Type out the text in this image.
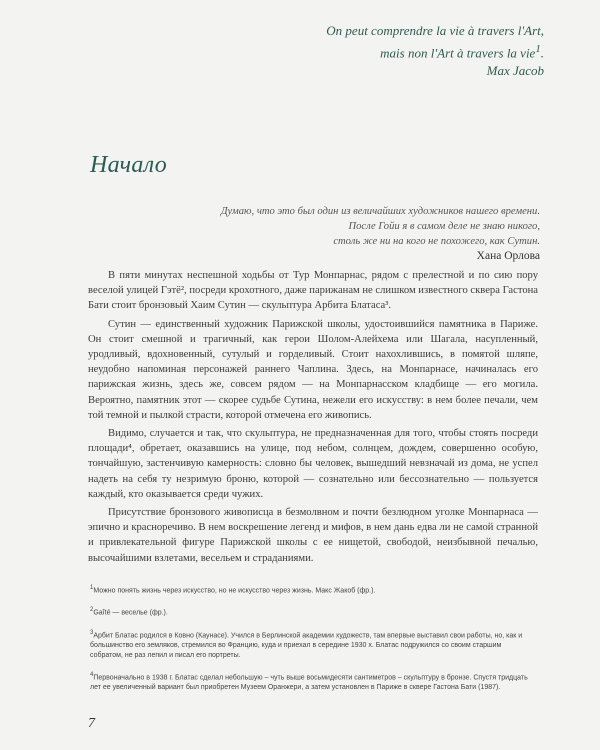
On peut comprendre la vie à travers l'Art,
mais non l'Art à travers la vie$^1$.
Max Jacob
Начало
Думаю, что это был один из величайших художников нашего времени.
После Гойи я в самом деле не знаю никого,
столь же ни на кого не похожего, как Сутин.
Хана Орлова

В пяти минутах неспешной ходьбы от Тур Монпарнас, рядом с прелестной и по сию пору веселой улицей Гэтё², посреди крохотного, даже парижанам не слишком известного сквера Гастона Бати стоит бронзовый Хаим Сутин — скульптура Арбита Блатаса³.

Сутин — единственный художник Парижской школы, удостоившийся памятника в Париже. Он стоит смешной и трагичный, как герои Шолом-Алейхема или Шагала, насупленный, уродливый, вдохновенный, сутулый и горделивый. Стоит нахохлившись, в помятой шляпе, неудобно напоминая персонажей раннего Чаплина. Здесь, на Монпарнасе, начиналась его парижская жизнь, здесь же, совсем рядом — на Монпарнасском кладбище — его могила. Вероятно, памятник этот — скорее судьбе Сутина, нежели его искусству: в нем более печали, чем той темной и пылкой страсти, которой отмечена его живопись.

Видимо, случается и так, что скульптура, не предназначенная для того, чтобы стоять посреди площади⁴, обретает, оказавшись на улице, под небом, солнцем, дождем, совершенно особую, тончайшую, застенчивую камерность: словно бы человек, вышедший невзначай из дома, не успел надеть на себя ту незримую броню, которой — сознательно или бессознательно — пользуется каждый, кто оказывается среди чужих.

Присутствие бронзового живописца в безмолвном и почти безлюдном уголке Монпарнаса — эпично и красноречиво. В нем воскрешение легенд и мифов, в нем дань едва ли не самой странной и привлекательной фигуре Парижской школы с ее нищетой, свободой, неизбывной печалью, высочайшими взлетами, весельем и страданиями.

$^1$Можно понять жизнь через искусство, но не искусство через жизнь. Макс Жакоб (фр.).
$^2$Gaîté — веселье (фр.).
$^3$Арбит Блатас родился в Ковно (Каунасе). Учился в Берлинской академии художеств, там впервые выставил свои работы, но, как и большинство его земляков, стремился во Францию, куда и приехал в середине 1930 х. Блатас подружился со своим старшим собратом, не раз лепил и писал его портреты.
$^4$Первоначально в 1938 г. Блатас сделал небольшую – чуть выше восьмидесяти сантиметров – скульптуру в бронзе. Спустя тридцать лет ее увеличенный вариант был приобретен Музеем Оранжери, а затем установлен в Париже в сквере Гастона Бати (1987).
7
